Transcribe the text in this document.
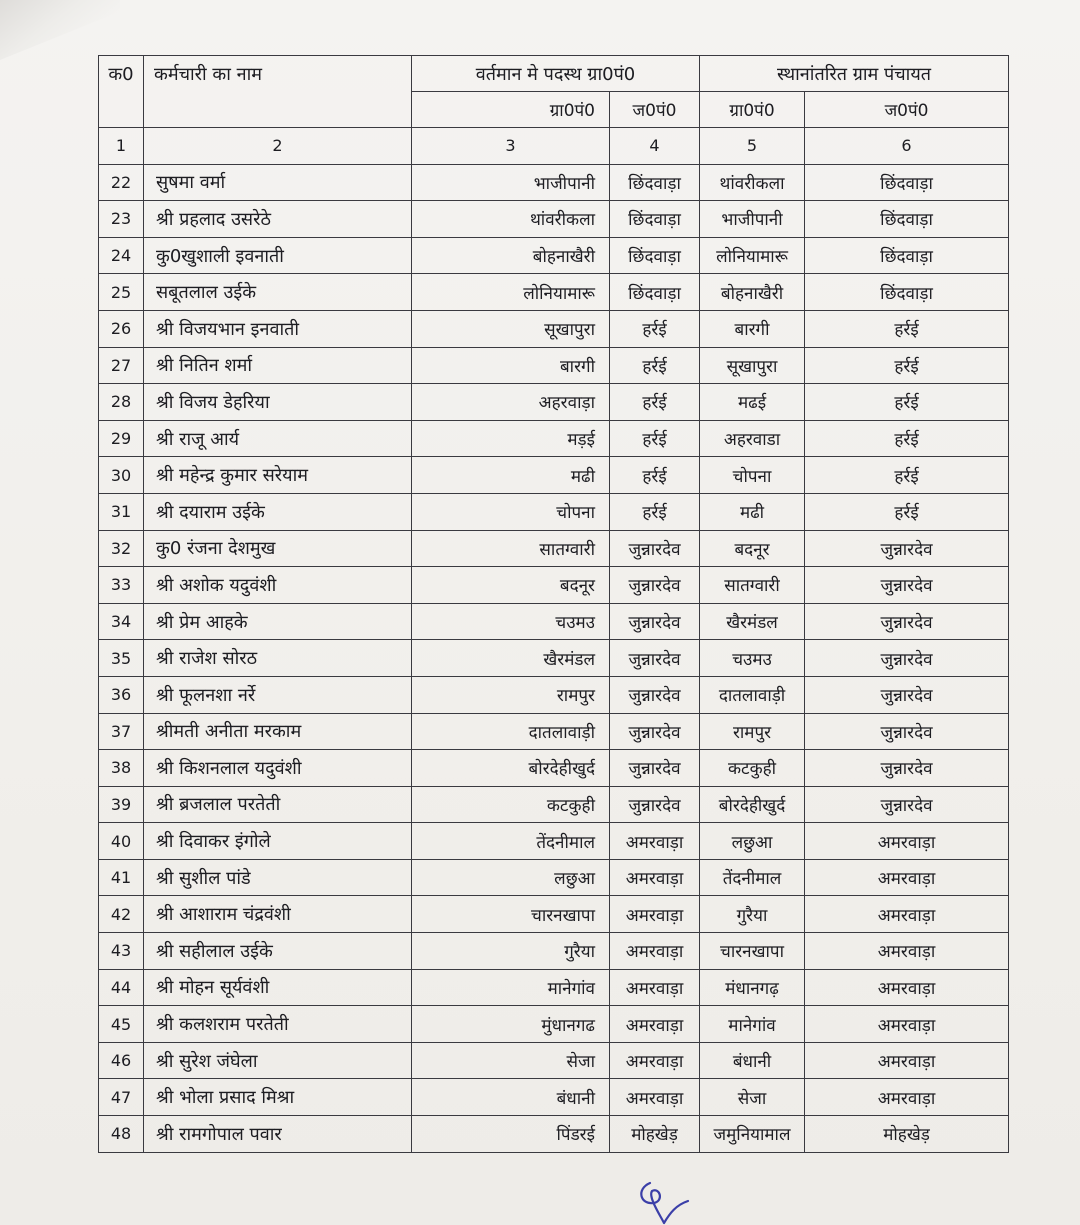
क0	कर्मचारी का नाम	वर्तमान मे पदस्थ ग्रा0पं0		स्थानांतरित ग्राम पंचायत	
		ग्रा0पं0	ज0पं0	ग्रा0पं0	ज0पं0
1	2	3	4	5	6
22	सुषमा वर्मा	भाजीपानी	छिंदवाड़ा	थांवरीकला	छिंदवाड़ा
23	श्री प्रहलाद उसरेठे	थांवरीकला	छिंदवाड़ा	भाजीपानी	छिंदवाड़ा
24	कु0खुशाली इवनाती	बोहनाखैरी	छिंदवाड़ा	लोनियामारू	छिंदवाड़ा
25	सबूतलाल उईके	लोनियामारू	छिंदवाड़ा	बोहनाखैरी	छिंदवाड़ा
26	श्री विजयभान इनवाती	सूखापुरा	हर्रई	बारगी	हर्रई
27	श्री नितिन शर्मा	बारगी	हर्रई	सूखापुरा	हर्रई
28	श्री विजय डेहरिया	अहरवाड़ा	हर्रई	मढई	हर्रई
29	श्री राजू आर्य	मड़ई	हर्रई	अहरवाडा	हर्रई
30	श्री महेन्द्र कुमार सरेयाम	मढी	हर्रई	चोपना	हर्रई
31	श्री दयाराम उईके	चोपना	हर्रई	मढी	हर्रई
32	कु0 रंजना देशमुख	सातग्वारी	जुन्नारदेव	बदनूर	जुन्नारदेव
33	श्री अशोक यदुवंशी	बदनूर	जुन्नारदेव	सातग्वारी	जुन्नारदेव
34	श्री प्रेम आहके	चउमउ	जुन्नारदेव	खैरमंडल	जुन्नारदेव
35	श्री राजेश सोरठ	खैरमंडल	जुन्नारदेव	चउमउ	जुन्नारदेव
36	श्री फूलनशा नर्रे	रामपुर	जुन्नारदेव	दातलावाड़ी	जुन्नारदेव
37	श्रीमती अनीता मरकाम	दातलावाड़ी	जुन्नारदेव	रामपुर	जुन्नारदेव
38	श्री किशनलाल यदुवंशी	बोरदेहीखुर्द	जुन्नारदेव	कटकुही	जुन्नारदेव
39	श्री ब्रजलाल परतेती	कटकुही	जुन्नारदेव	बोरदेहीखुर्द	जुन्नारदेव
40	श्री दिवाकर इंगोले	तेंदनीमाल	अमरवाड़ा	लछुआ	अमरवाड़ा
41	श्री सुशील पांडे	लछुआ	अमरवाड़ा	तेंदनीमाल	अमरवाड़ा
42	श्री आशाराम चंद्रवंशी	चारनखापा	अमरवाड़ा	गुरैया	अमरवाड़ा
43	श्री सहीलाल उईके	गुरैया	अमरवाड़ा	चारनखापा	अमरवाड़ा
44	श्री मोहन सूर्यवंशी	मानेगांव	अमरवाड़ा	मंधानगढ़	अमरवाड़ा
45	श्री कलशराम परतेती	मुंधानगढ	अमरवाड़ा	मानेगांव	अमरवाड़ा
46	श्री सुरेश जंघेला	सेजा	अमरवाड़ा	बंधानी	अमरवाड़ा
47	श्री भोला प्रसाद मिश्रा	बंधानी	अमरवाड़ा	सेजा	अमरवाड़ा
48	श्री रामगोपाल पवार	पिंडरई	मोहखेड़	जमुनियामाल	मोहखेड़
